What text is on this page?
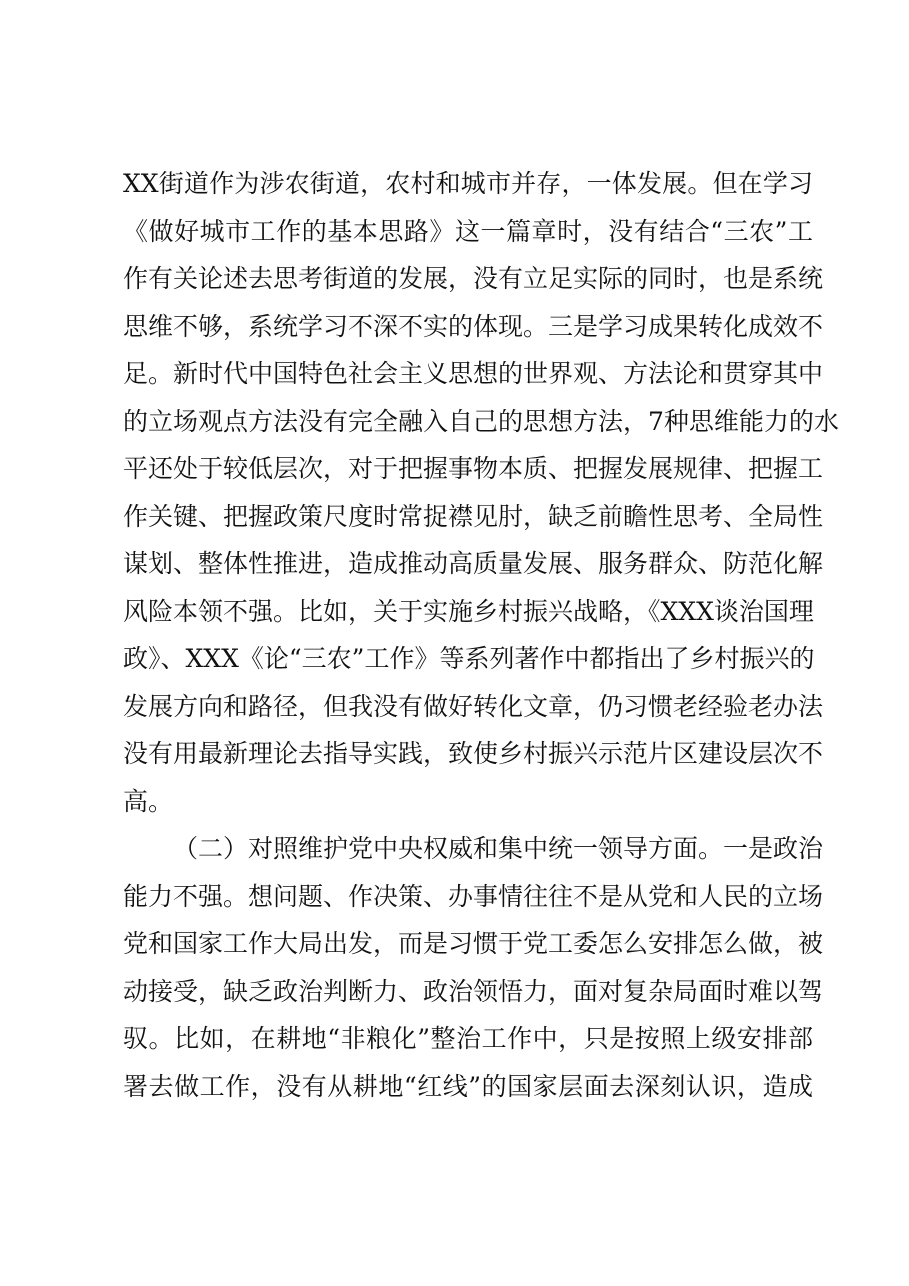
XX街道作为涉农街道，农村和城市并存，一体发展。但在学习

《做好城市工作的基本思路》这一篇章时，没有结合“三农”工

作有关论述去思考街道的发展，没有立足实际的同时，也是系统

思维不够，系统学习不深不实的体现。三是学习成果转化成效不

足。新时代中国特色社会主义思想的世界观、方法论和贯穿其中

的立场观点方法没有完全融入自己的思想方法，7种思维能力的水

平还处于较低层次，对于把握事物本质、把握发展规律、把握工

作关键、把握政策尺度时常捉襟见肘，缺乏前瞻性思考、全局性

谋划、整体性推进，造成推动高质量发展、服务群众、防范化解

风险本领不强。比如，关于实施乡村振兴战略，《XXX谈治国理

政》、XXX《论“三农”工作》等系列著作中都指出了乡村振兴的

发展方向和路径，但我没有做好转化文章，仍习惯老经验老办法

没有用最新理论去指导实践，致使乡村振兴示范片区建设层次不

高。

（二）对照维护党中央权威和集中统一领导方面。一是政治

能力不强。想问题、作决策、办事情往往不是从党和人民的立场

党和国家工作大局出发，而是习惯于党工委怎么安排怎么做，被

动接受，缺乏政治判断力、政治领悟力，面对复杂局面时难以驾

驭。比如，在耕地“非粮化”整治工作中，只是按照上级安排部

署去做工作，没有从耕地“红线”的国家层面去深刻认识，造成
